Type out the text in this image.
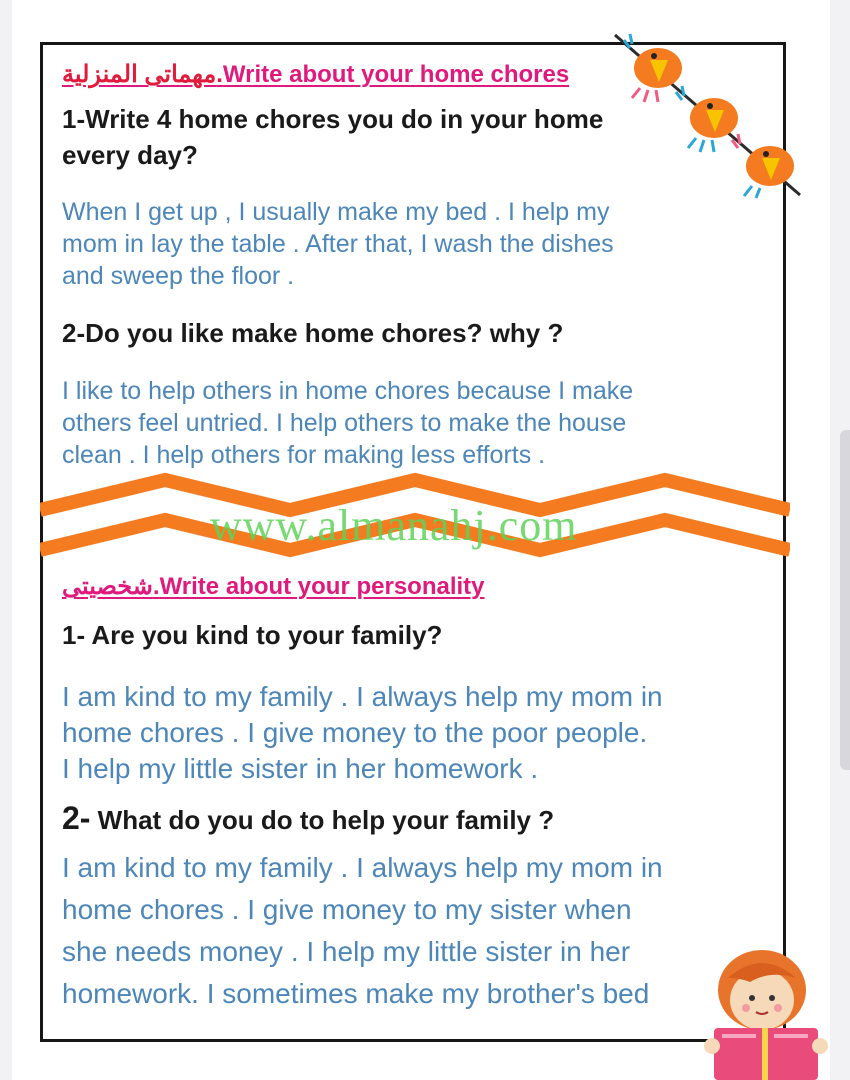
مهماتى المنزلية.Write about your home chores
1-Write 4 home chores you do in your home
every day?
When I get up , I usually make my bed . I help my
mom in lay the table . After that, I wash the dishes
and sweep the floor .
2-Do you like make home chores? why ?
I like to help others in home chores because I make
others feel untried. I help others to make the house
clean . I help others for making less efforts .
www.almanahj.com
شخصيتى.Write about your personality
1- Are you kind to your family?
I am kind to my family . I always help my mom in
home chores . I give money to the poor people.
I help my little sister in her homework .
2- What do you do to help your family ?
I am kind to my family . I always help my mom in
home chores . I give money to my sister when
she needs money . I help my little sister in her
homework. I sometimes make my brother's bed
